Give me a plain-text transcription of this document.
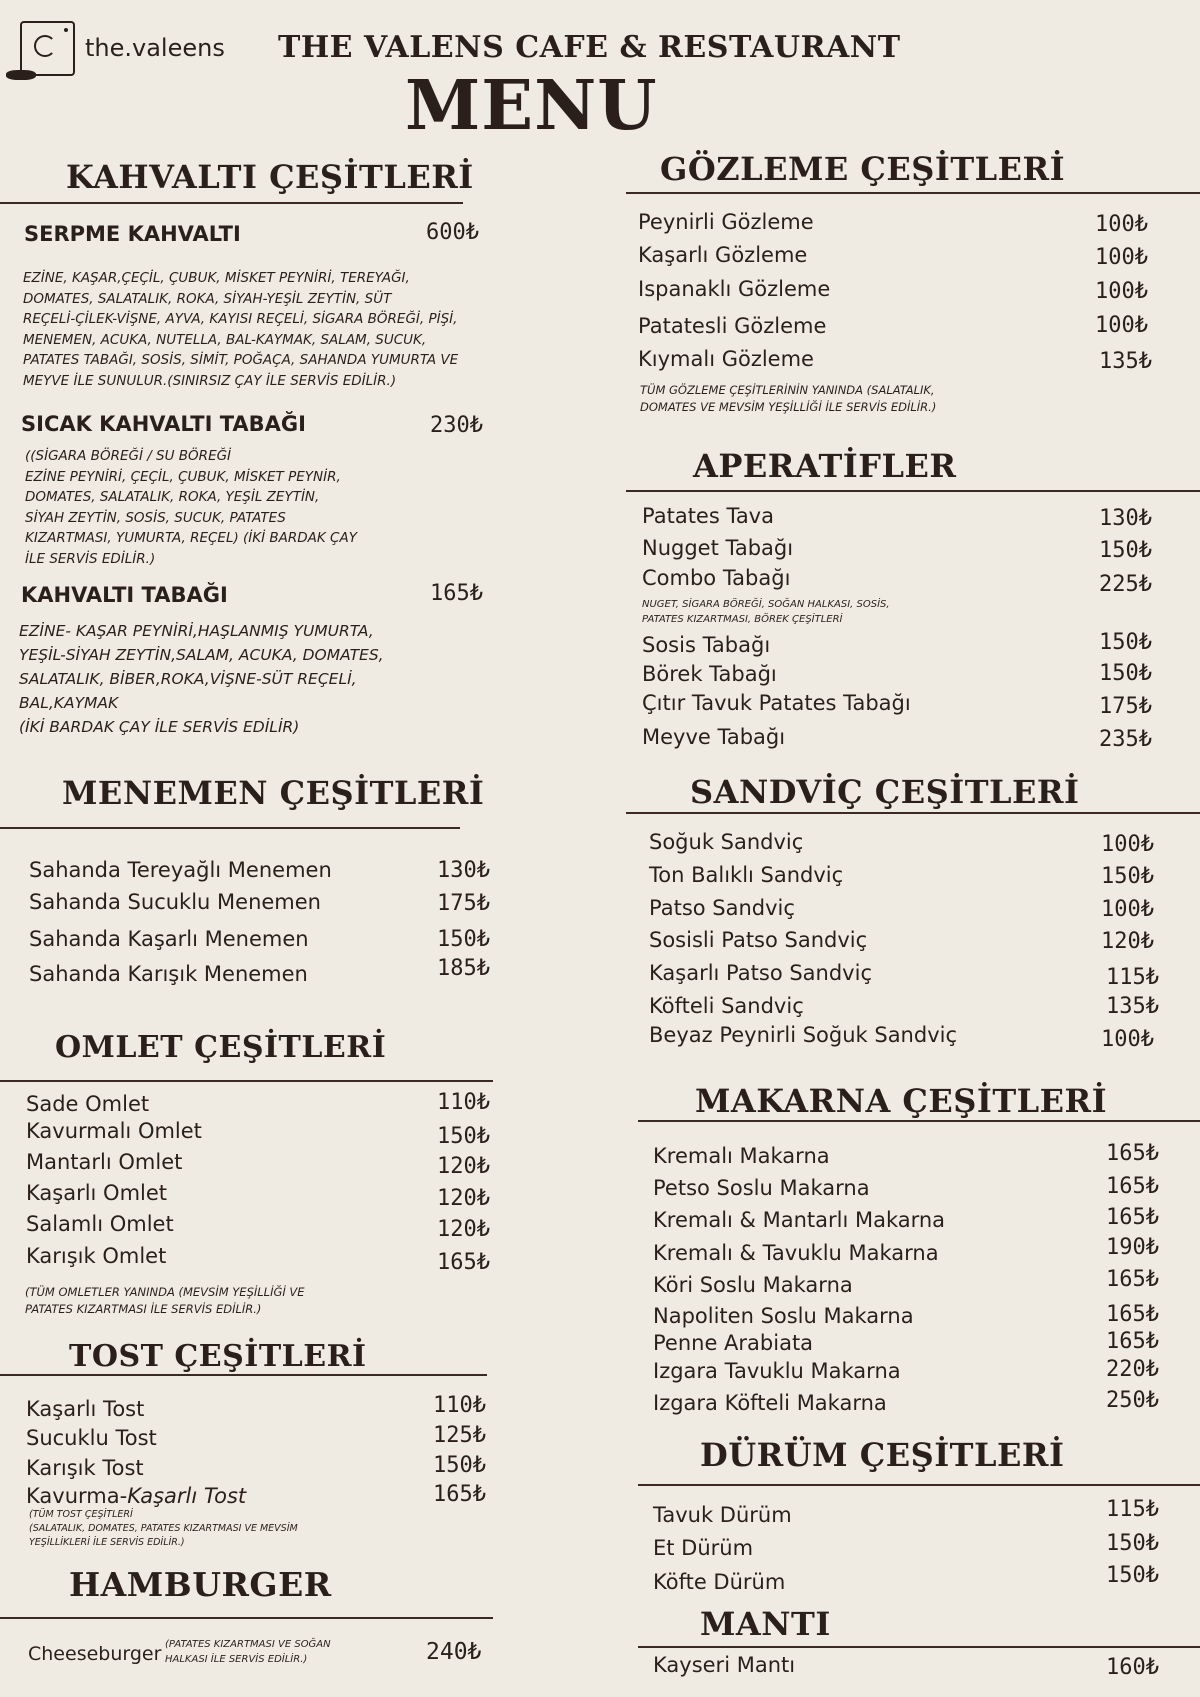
the.valeens THE VALENS CAFE & RESTAURANT
MENU
KAHVALTI ÇEŞİTLERİ
SERPME KAHVALTI	600₺
EZİNE, KAŞAR,ÇEÇİL, ÇUBUK, MİSKET PEYNİRİ, TEREYAĞI,
DOMATES, SALATALIK, ROKA, SİYAH-YEŞİL ZEYTİN, SÜT
REÇELİ-ÇİLEK-VİŞNE, AYVA, KAYISI REÇELİ, SİGARA BÖREĞİ, PİŞİ,
MENEMEN, ACUKA, NUTELLA, BAL-KAYMAK, SALAM, SUCUK,
PATATES TABAĞI, SOSİS, SİMİT, POĞAÇA, SAHANDA YUMURTA VE
MEYVE İLE SUNULUR.(SINIRSIZ ÇAY İLE SERVİS EDİLİR.)
SICAK KAHVALTI TABAĞI	230₺
((SİGARA BÖREĞİ / SU BÖREĞİ
EZİNE PEYNİRİ, ÇEÇİL, ÇUBUK, MİSKET PEYNİR,
DOMATES, SALATALIK, ROKA, YEŞİL ZEYTİN,
SİYAH ZEYTİN, SOSİS, SUCUK, PATATES
KIZARTMASI, YUMURTA, REÇEL) (İKİ BARDAK ÇAY
İLE SERVİS EDİLİR.)
KAHVALTI TABAĞI	165₺
EZİNE- KAŞAR PEYNİRİ,HAŞLANMIŞ YUMURTA,
YEŞİL-SİYAH ZEYTİN,SALAM, ACUKA, DOMATES,
SALATALIK, BİBER,ROKA,VİŞNE-SÜT REÇELİ,
BAL,KAYMAK
(İKİ BARDAK ÇAY İLE SERVİS EDİLİR)
MENEMEN ÇEŞİTLERİ
Sahanda Tereyağlı Menemen	130₺
Sahanda Sucuklu Menemen	175₺
Sahanda Kaşarlı Menemen	150₺
Sahanda Karışık Menemen	185₺
OMLET ÇEŞİTLERİ
Sade Omlet	110₺
Kavurmalı Omlet	150₺
Mantarlı Omlet	120₺
Kaşarlı Omlet	120₺
Salamlı Omlet	120₺
Karışık Omlet	165₺
(TÜM OMLETLER YANINDA (MEVSİM YEŞİLLİĞİ VE
PATATES KIZARTMASI İLE SERVİS EDİLİR.)
TOST ÇEŞİTLERİ
Kaşarlı Tost	110₺
Sucuklu Tost	125₺
Karışık Tost	150₺
Kavurma-Kaşarlı Tost	165₺
(TÜM TOST ÇEŞİTLERİ
(SALATALIK, DOMATES, PATATES KIZARTMASI VE MEVSİM
YEŞİLLİKLERİ İLE SERVİS EDİLİR.)
HAMBURGER
Cheeseburger (PATATES KIZARTMASI VE SOĞAN
HALKASI İLE SERVİS EDİLİR.)	240₺
GÖZLEME ÇEŞİTLERİ
Peynirli Gözleme	100₺
Kaşarlı Gözleme	100₺
Ispanaklı Gözleme	100₺
Patatesli Gözleme	100₺
Kıymalı Gözleme	135₺
TÜM GÖZLEME ÇEŞİTLERİNİN YANINDA (SALATALIK,
DOMATES VE MEVSİM YEŞİLLİĞİ İLE SERVİS EDİLİR.)
APERATİFLER
Patates Tava	130₺
Nugget Tabağı	150₺
Combo Tabağı	225₺
NUGET, SİGARA BÖREĞİ, SOĞAN HALKASI, SOSİS,
PATATES KIZARTMASI, BÖREK ÇEŞİTLERİ
Sosis Tabağı	150₺
Börek Tabağı	150₺
Çıtır Tavuk Patates Tabağı	175₺
Meyve Tabağı	235₺
SANDVİÇ ÇEŞİTLERİ
Soğuk Sandviç	100₺
Ton Balıklı Sandviç	150₺
Patso Sandviç	100₺
Sosisli Patso Sandviç	120₺
Kaşarlı Patso Sandviç	115₺
Köfteli Sandviç	135₺
Beyaz Peynirli Soğuk Sandviç	100₺
MAKARNA ÇEŞİTLERİ
Kremalı Makarna	165₺
Petso Soslu Makarna	165₺
Kremalı & Mantarlı Makarna	165₺
Kremalı & Tavuklu Makarna	190₺
Köri Soslu Makarna	165₺
Napoliten Soslu Makarna	165₺
Penne Arabiata	165₺
Izgara Tavuklu Makarna	220₺
Izgara Köfteli Makarna	250₺
DÜRÜM ÇEŞİTLERİ
Tavuk Dürüm	115₺
Et Dürüm	150₺
Köfte Dürüm	150₺
MANTI
Kayseri Mantı	160₺
